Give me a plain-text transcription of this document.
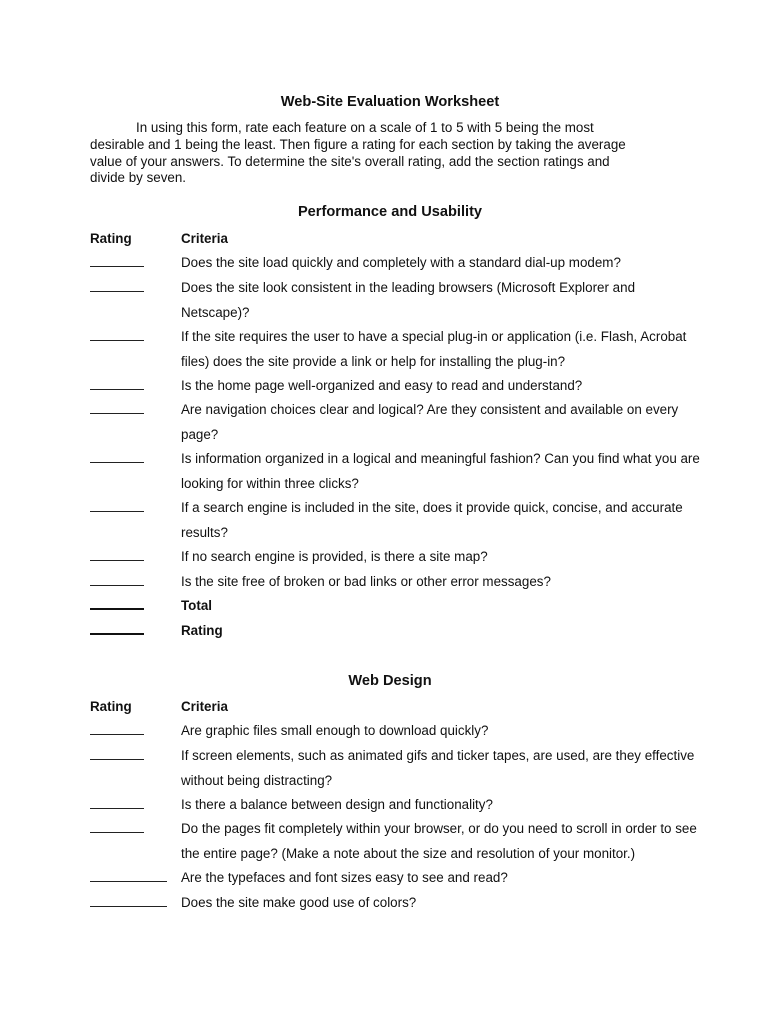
Web-Site Evaluation Worksheet

In using this form, rate each feature on a scale of 1 to 5 with 5 being the most desirable and 1 being the least. Then figure a rating for each section by taking the average value of your answers. To determine the site's overall rating, add the section ratings and divide by seven.

Performance and Usability
Rating	Criteria

Does the site load quickly and completely with a standard dial-up modem?

Does the site look consistent in the leading browsers (Microsoft Explorer and Netscape)?

If the site requires the user to have a special plug-in or application (i.e. Flash, Acrobat files) does the site provide a link or help for installing the plug-in?

Is the home page well-organized and easy to read and understand?

Are navigation choices clear and logical? Are they consistent and available on every page?

Is information organized in a logical and meaningful fashion? Can you find what you are looking for within three clicks?

If a search engine is included in the site, does it provide quick, concise, and accurate results?

If no search engine is provided, is there a site map?

Is the site free of broken or bad links or other error messages?

Total

Rating

Web Design
Rating	Criteria

Are graphic files small enough to download quickly?

If screen elements, such as animated gifs and ticker tapes, are used, are they effective without being distracting?

Is there a balance between design and functionality?

Do the pages fit completely within your browser, or do you need to scroll in order to see the entire page? (Make a note about the size and resolution of your monitor.)

Are the typefaces and font sizes easy to see and read?

Does the site make good use of colors?
